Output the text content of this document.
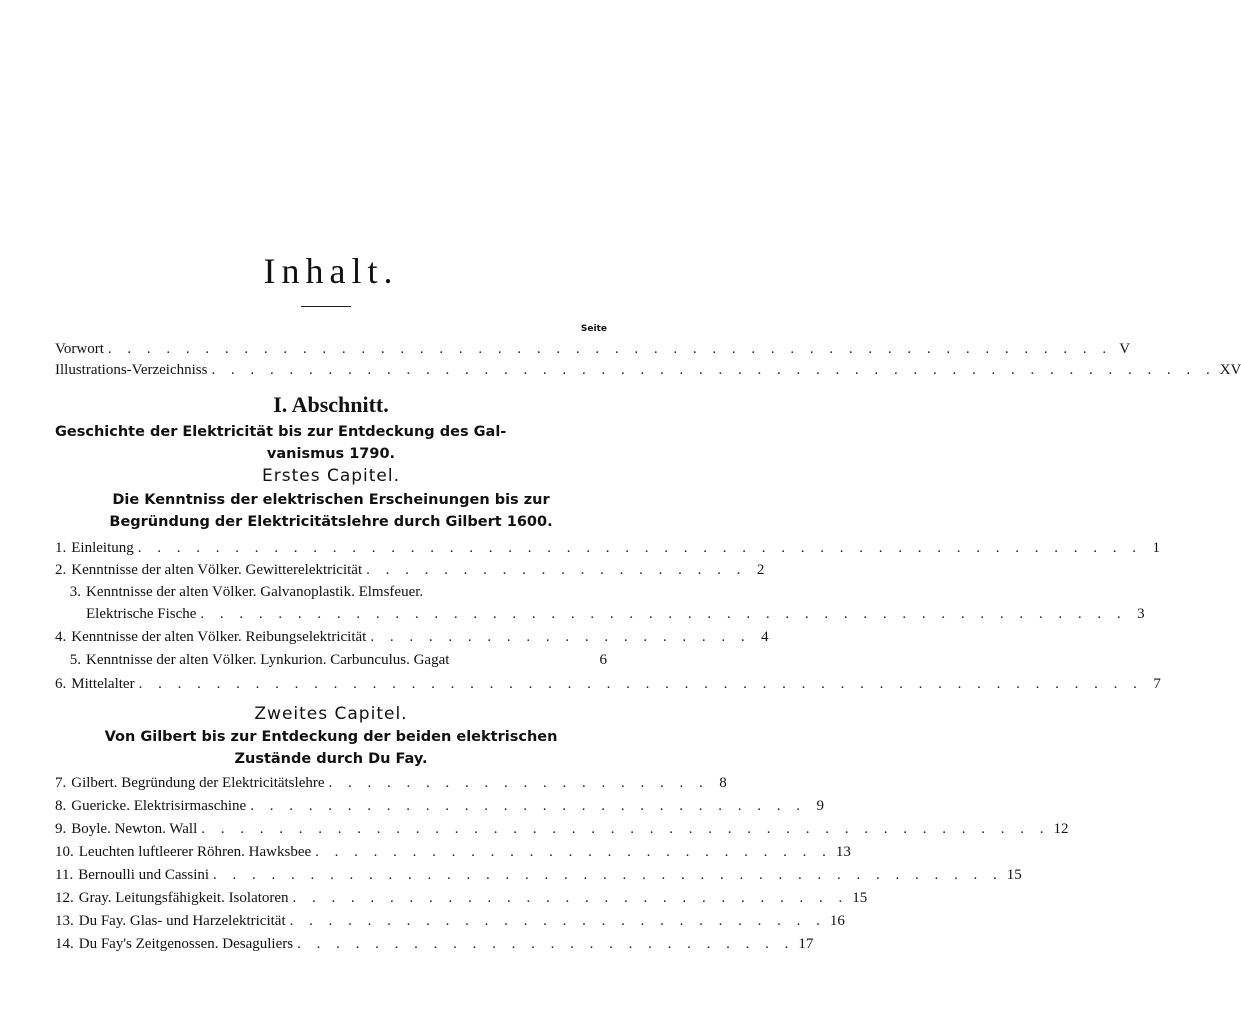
Inhalt.
Seite
Vorwort . . . . . . . . . . . . . . . . . . . . . . . . . . . . . . . . . . . . . . . . . . . . . . . . . . . . V
Illustrations-Verzeichniss . . . . . . . . . . . . . . . . . . . . . . . . . . . . . . . . . . . . . . . . . . . . . . . . . . . . XV
I. Abschnitt.
Geschichte der Elektricität bis zur Entdeckung des Gal-
vanismus 1790.
Erstes Capitel.
Die Kenntniss der elektrischen Erscheinungen bis zur
Begründung der Elektricitätslehre durch Gilbert 1600.
1. Einleitung . . . . . . . . . . . . . . . . . . . . . . . . . . . . . . . . . . . . . . . . . . . . . . . . . . . . 1
2. Kenntnisse der alten Völker. Gewitterelektricität . . . . . . . . . . . . . . . . . . . . 2
3. Kenntnisse der alten Völker. Galvanoplastik. Elmsfeuer.
Elektrische Fische . . . . . . . . . . . . . . . . . . . . . . . . . . . . . . . . . . . . . . . . . . . . . . . . 3
4. Kenntnisse der alten Völker. Reibungselektricität . . . . . . . . . . . . . . . . . . . . 4
5. Kenntnisse der alten Völker. Lynkurion. Carbunculus. Gagat	6
6. Mittelalter . . . . . . . . . . . . . . . . . . . . . . . . . . . . . . . . . . . . . . . . . . . . . . . . . . . . 7
Zweites Capitel.
Von Gilbert bis zur Entdeckung der beiden elektrischen
Zustände durch Du Fay.
7. Gilbert. Begründung der Elektricitätslehre . . . . . . . . . . . . . . . . . . . . 8
8. Guericke. Elektrisirmaschine . . . . . . . . . . . . . . . . . . . . . . . . . . . . . 9
9. Boyle. Newton. Wall . . . . . . . . . . . . . . . . . . . . . . . . . . . . . . . . . . . . . . . . . . . . 12
10. Leuchten luftleerer Röhren. Hawksbee . . . . . . . . . . . . . . . . . . . . . . . . . . . 13
11. Bernoulli und Cassini . . . . . . . . . . . . . . . . . . . . . . . . . . . . . . . . . . . . . . . . . 15
12. Gray. Leitungsfähigkeit. Isolatoren . . . . . . . . . . . . . . . . . . . . . . . . . . . . . 15
13. Du Fay. Glas- und Harzelektricität . . . . . . . . . . . . . . . . . . . . . . . . . . . . 16
14. Du Fay's Zeitgenossen. Desaguliers . . . . . . . . . . . . . . . . . . . . . . . . . . 17
